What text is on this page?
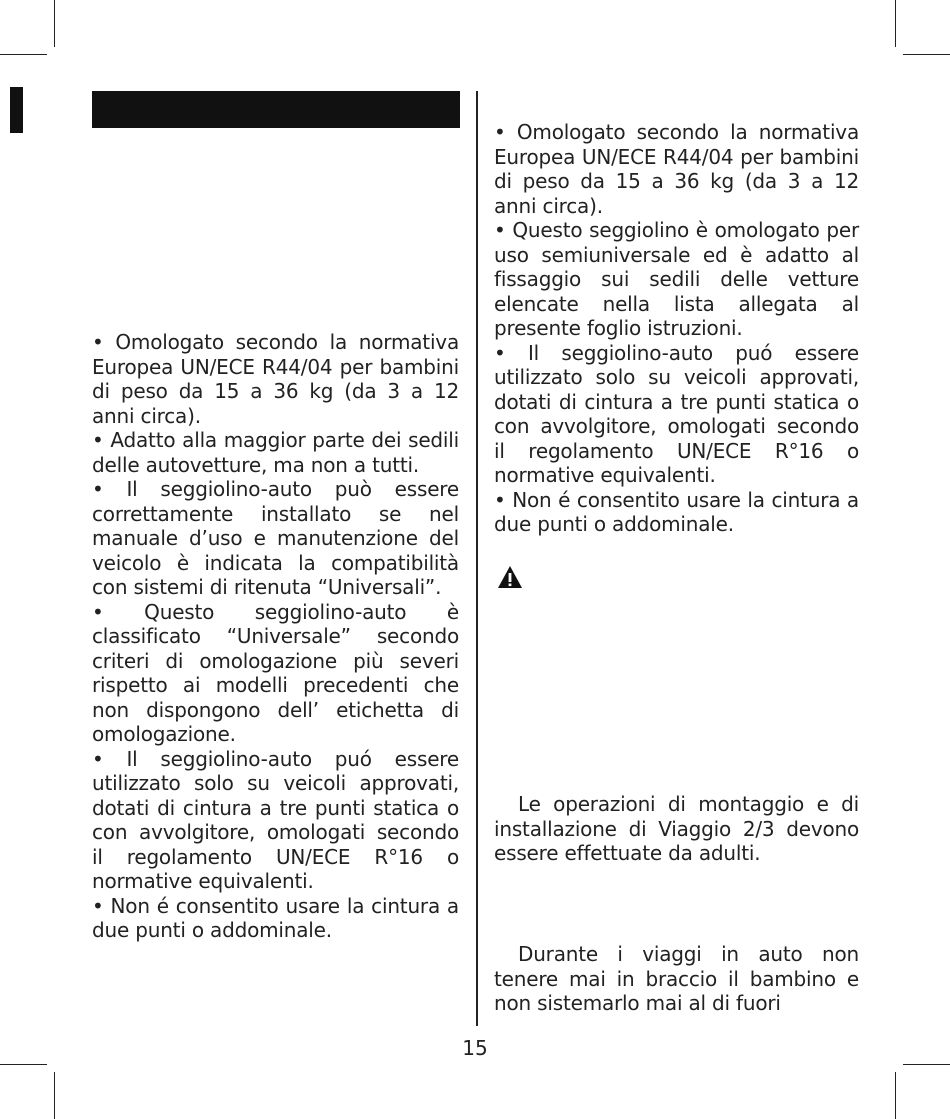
• Omologato secondo la normativa Europea UN/ECE R44/04 per bambini di peso da 15 a 36 kg (da 3 a 12 anni circa).

• Adatto alla maggior parte dei sedili delle autovetture, ma non a tutti.

• Il seggiolino-auto può essere correttamente installato se nel manuale d’uso e manutenzione del veicolo è indicata la compatibilità con sistemi di ritenuta “Universali”.

• Questo seggiolino-auto è classificato “Universale” secondo criteri di omologazione più severi rispetto ai modelli precedenti che non dispongono dell’ etichetta di omologazione.

• Il seggiolino-auto puó essere utilizzato solo su veicoli approvati, dotati di cintura a tre punti statica o con avvolgitore, omologati secondo il regolamento UN/ECE R°16 o normative equivalenti.

• Non é consentito usare la cintura a due punti o addominale.

• Omologato secondo la normativa Europea UN/ECE R44/04 per bambini di peso da 15 a 36 kg (da 3 a 12 anni circa).

• Questo seggiolino è omologato per uso semiuniversale ed è adatto al fissaggio sui sedili delle vetture elencate nella lista allegata al presente foglio istruzioni.

• Il seggiolino-auto puó essere utilizzato solo su veicoli approvati, dotati di cintura a tre punti statica o con avvolgitore, omologati secondo il regolamento UN/ECE R°16 o normative equivalenti.

• Non é consentito usare la cintura a due punti o addominale.

Le operazioni di montaggio e di installazione di Viaggio 2/3 devono essere effettuate da adulti.

Durante i viaggi in auto non tenere mai in braccio il bambino e non sistemarlo mai al di fuori

15
